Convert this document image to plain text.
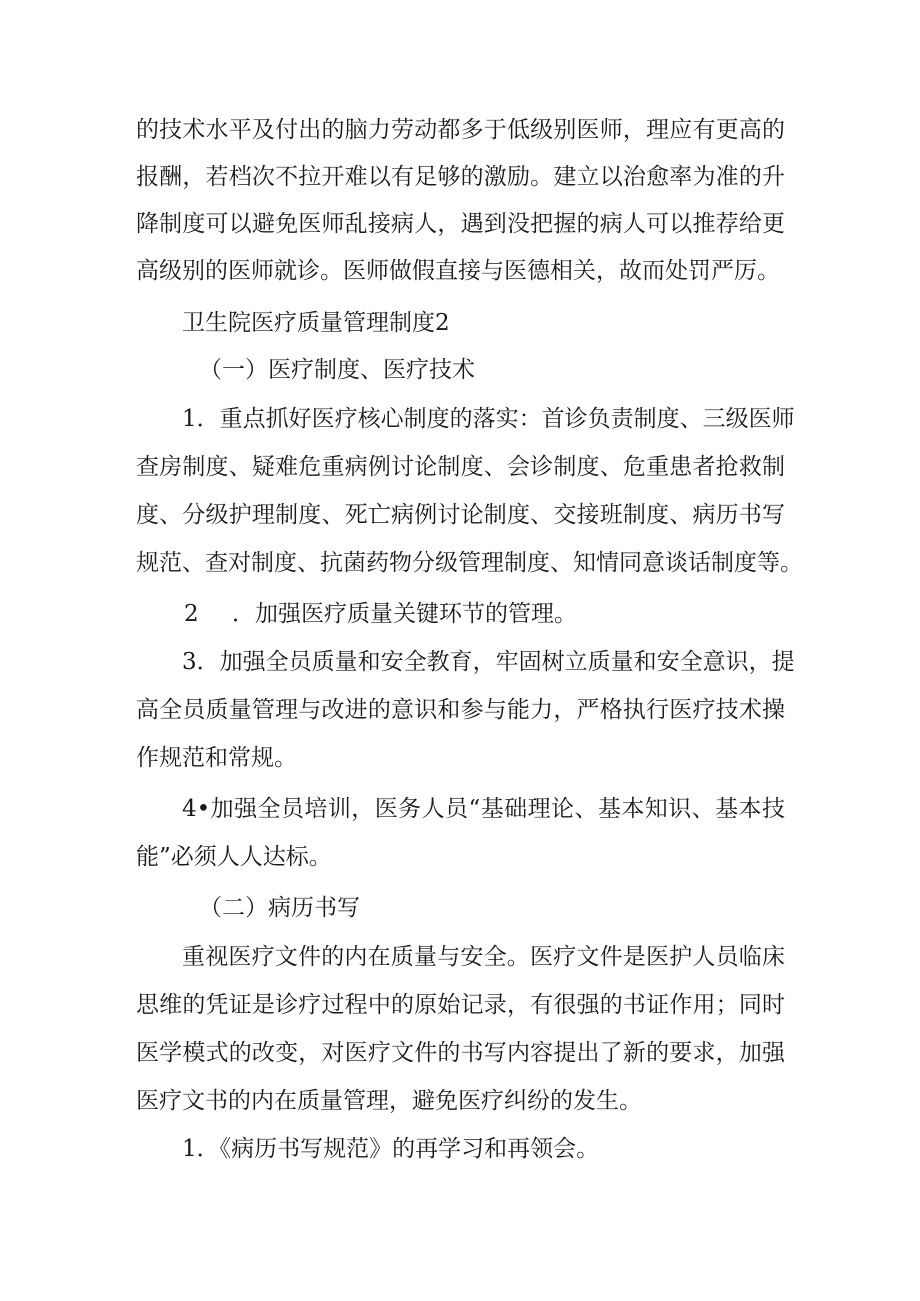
的技术水平及付出的脑力劳动都多于低级别医师，理应有更高的

报酬，若档次不拉开难以有足够的激励。建立以治愈率为准的升

降制度可以避免医师乱接病人，遇到没把握的病人可以推荐给更

高级别的医师就诊。医师做假直接与医德相关，故而处罚严厉。

卫生院医疗质量管理制度2

（一）医疗制度、医疗技术

1．重点抓好医疗核心制度的落实：首诊负责制度、三级医师

查房制度、疑难危重病例讨论制度、会诊制度、危重患者抢救制

度、分级护理制度、死亡病例讨论制度、交接班制度、病历书写

规范、查对制度、抗菌药物分级管理制度、知情同意谈话制度等。

2 ．加强医疗质量关键环节的管理。

3．加强全员质量和安全教育，牢固树立质量和安全意识，提

高全员质量管理与改进的意识和参与能力，严格执行医疗技术操

作规范和常规。

4•加强全员培训，医务人员“基础理论、基本知识、基本技

能”必须人人达标。

（二）病历书写

重视医疗文件的内在质量与安全。医疗文件是医护人员临床

思维的凭证是诊疗过程中的原始记录，有很强的书证作用；同时

医学模式的改变，对医疗文件的书写内容提出了新的要求，加强

医疗文书的内在质量管理，避免医疗纠纷的发生。

1．《病历书写规范》的再学习和再领会。
